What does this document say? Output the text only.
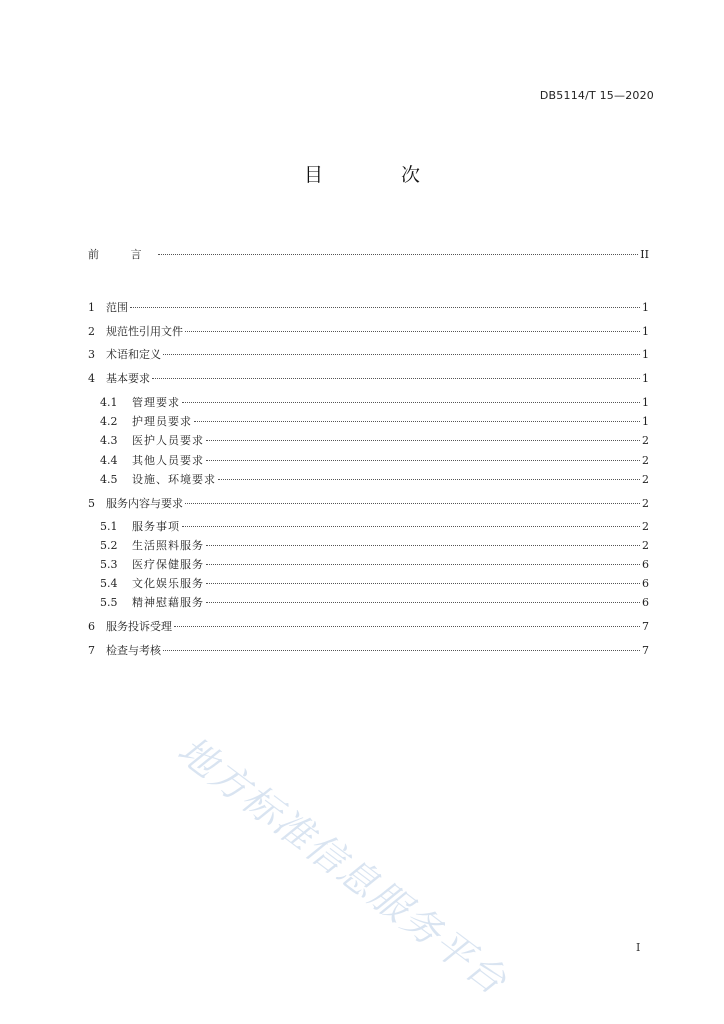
DB5114/T 15—2020
目 次
前 言	II
1	范围	1
2	规范性引用文件	1
3	术语和定义	1
4	基本要求	1
4.1	管理要求	1
4.2	护理员要求	1
4.3	医护人员要求	2
4.4	其他人员要求	2
4.5	设施、环境要求	2
5	服务内容与要求	2
5.1	服务事项	2
5.2	生活照料服务	2
5.3	医疗保健服务	6
5.4	文化娱乐服务	6
5.5	精神慰藉服务	6
6	服务投诉受理	7
7	检查与考核	7
地方标准信息服务平台	I
